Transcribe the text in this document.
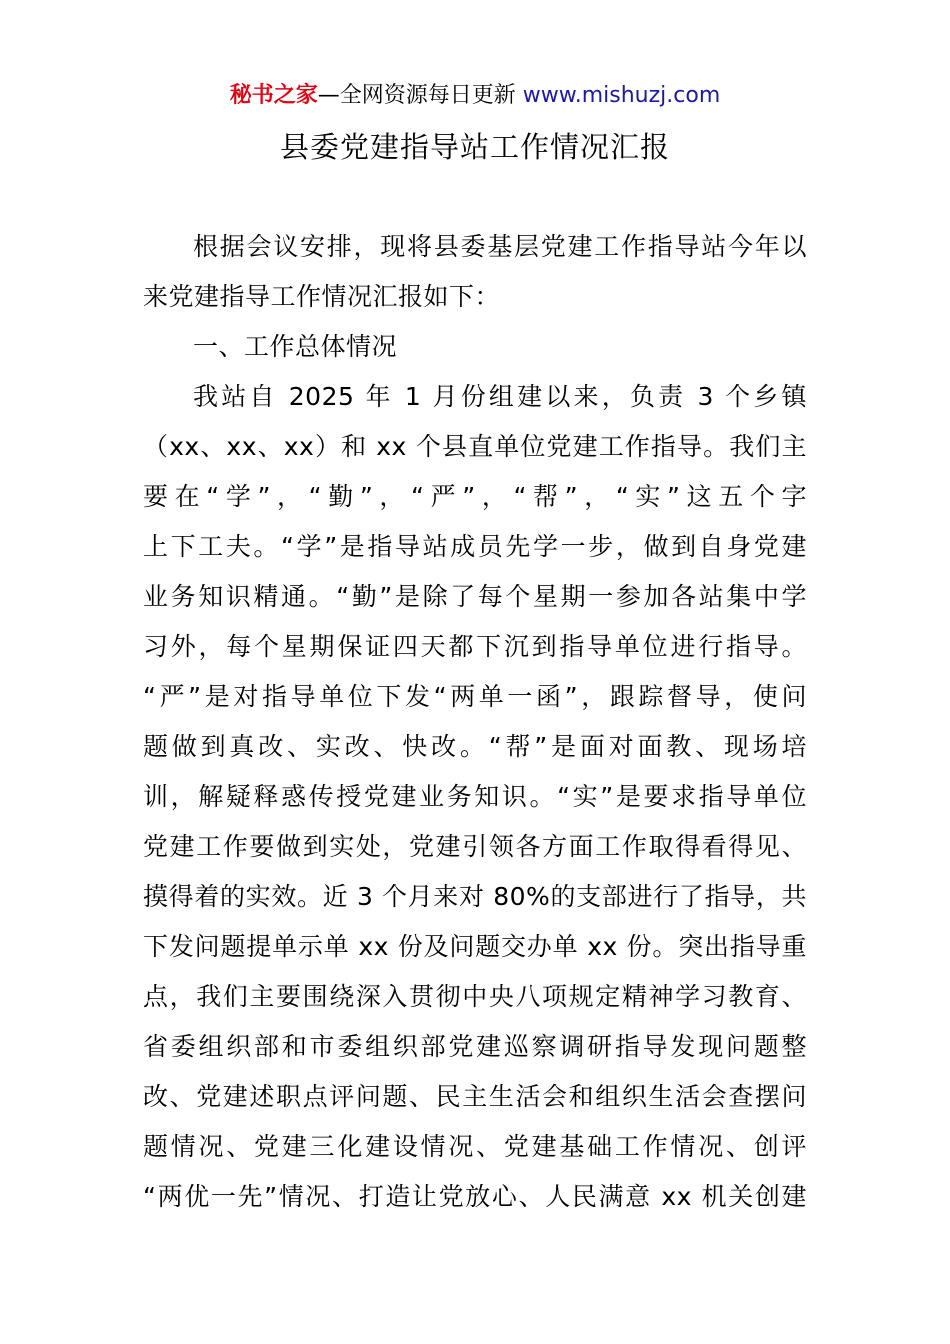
秘书之家—全网资源每日更新 www.mishuzj.com
县委党建指导站工作情况汇报
根据会议安排，现将县委基层党建工作指导站今年以
来党建指导工作情况汇报如下：
一、工作总体情况
我站自 2025 年 1 月份组建以来，负责 3 个乡镇
（xx、xx、xx）和 xx 个县直单位党建工作指导。我们主
要在“学”，“勤”，“严”，“帮”，“实”这五个字
上下工夫。“学”是指导站成员先学一步，做到自身党建
业务知识精通。“勤”是除了每个星期一参加各站集中学
习外，每个星期保证四天都下沉到指导单位进行指导。
“严”是对指导单位下发“两单一函”，跟踪督导，使问
题做到真改、实改、快改。“帮”是面对面教、现场培
训，解疑释惑传授党建业务知识。“实”是要求指导单位
党建工作要做到实处，党建引领各方面工作取得看得见、
摸得着的实效。近 3 个月来对 80%的支部进行了指导，共
下发问题提单示单 xx 份及问题交办单 xx 份。突出指导重
点，我们主要围绕深入贯彻中央八项规定精神学习教育、
省委组织部和市委组织部党建巡察调研指导发现问题整
改、党建述职点评问题、民主生活会和组织生活会查摆问
题情况、党建三化建设情况、党建基础工作情况、创评
“两优一先”情况、打造让党放心、人民满意 xx 机关创建
